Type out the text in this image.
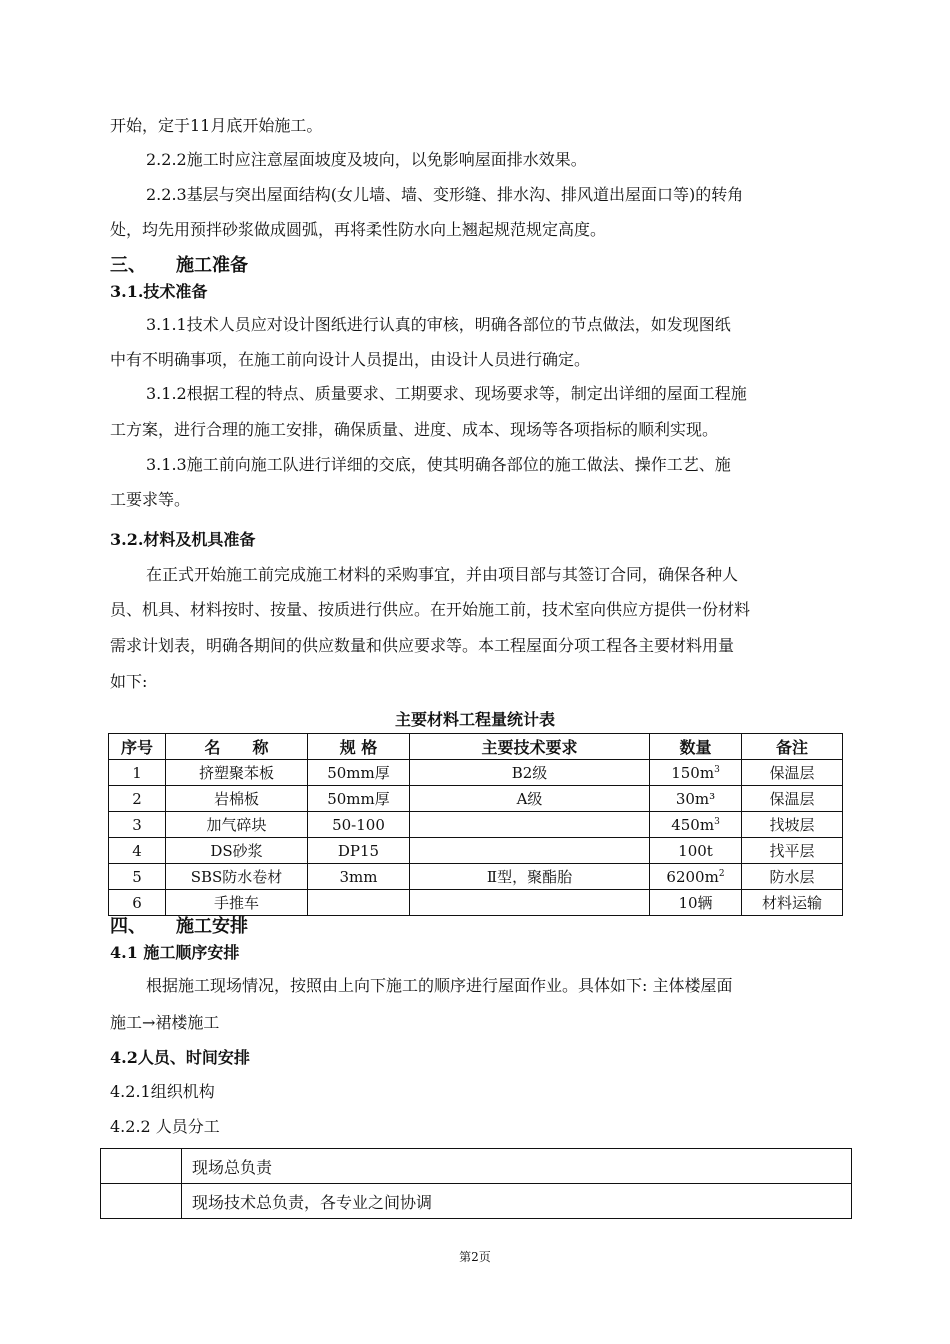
开始，定于11月底开始施工。
2.2.2施工时应注意屋面坡度及坡向，以免影响屋面排水效果。
2.2.3基层与突出屋面结构(女儿墙、墙、变形缝、排水沟、排风道出屋面口等)的转角
处，均先用预拌砂浆做成圆弧，再将柔性防水向上翘起规范规定高度。
三、 施工准备
3.1.技术准备
3.1.1技术人员应对设计图纸进行认真的审核，明确各部位的节点做法，如发现图纸
中有不明确事项，在施工前向设计人员提出，由设计人员进行确定。
3.1.2根据工程的特点、质量要求、工期要求、现场要求等，制定出详细的屋面工程施
工方案，进行合理的施工安排，确保质量、进度、成本、现场等各项指标的顺利实现。
3.1.3施工前向施工队进行详细的交底，使其明确各部位的施工做法、操作工艺、施
工要求等。
3.2.材料及机具准备
在正式开始施工前完成施工材料的采购事宜，并由项目部与其签订合同，确保各种人
员、机具、材料按时、按量、按质进行供应。在开始施工前，技术室向供应方提供一份材料
需求计划表，明确各期间的供应数量和供应要求等。本工程屋面分项工程各主要材料用量
如下:
主要材料工程量统计表
序号	名　　称	规 格	主要技术要求	数量	备注
1	挤塑聚苯板	50mm厚	B2级	$150m^3$	保温层
2	岩棉板	50mm厚	A级	30m³	保温层
3	加气碎块	50-100		$450m^3$	找坡层
4	DS砂浆	DP15		100t	找平层
5	SBS防水卷材	3mm	Ⅱ型，聚酯胎	$6200m^2$	防水层
6	手推车			10辆	材料运输
四、 施工安排
4.1 施工顺序安排
根据施工现场情况，按照由上向下施工的顺序进行屋面作业。具体如下: 主体楼屋面
施工→裙楼施工
4.2人员、时间安排
4.2.1组织机构
4.2.2 人员分工
	现场总负责
	现场技术总负责，各专业之间协调
第2页
